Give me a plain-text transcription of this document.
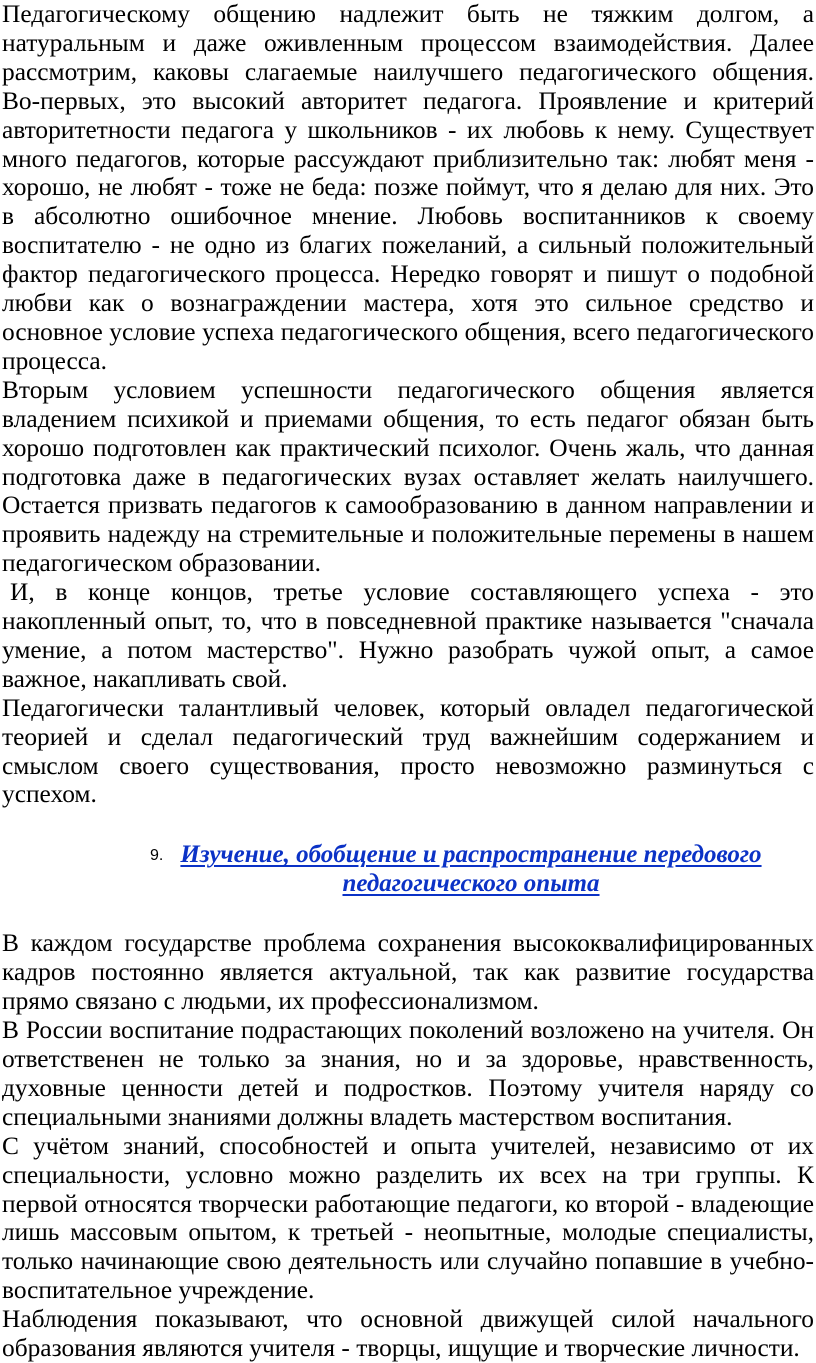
Педагогическому общению надлежит быть не тяжким долгом, а натуральным и даже оживленным процессом взаимодействия. Далее рассмотрим, каковы слагаемые наилучшего педагогического общения.

Во-первых, это высокий авторитет педагога. Проявление и критерий авторитетности педагога у школьников - их любовь к нему. Существует много педагогов, которые рассуждают приблизительно так: любят меня - хорошо, не любят - тоже не беда: позже поймут, что я делаю для них. Это в абсолютно ошибочное мнение. Любовь воспитанников к своему воспитателю - не одно из благих пожеланий, а сильный положительный фактор педагогического процесса. Нередко говорят и пишут о подобной любви как о вознаграждении мастера, хотя это сильное средство и основное условие успеха педагогического общения, всего педагогического процесса.

Вторым условием успешности педагогического общения является владением психикой и приемами общения, то есть педагог обязан быть хорошо подготовлен как практический психолог. Очень жаль, что данная подготовка даже в педагогических вузах оставляет желать наилучшего. Остается призвать педагогов к самообразованию в данном направлении и проявить надежду на стремительные и положительные перемены в нашем педагогическом образовании.

И, в конце концов, третье условие составляющего успеха - это накопленный опыт, то, что в повседневной практике называется "сначала умение, а потом мастерство". Нужно разобрать чужой опыт, а самое важное, накапливать свой.

Педагогически талантливый человек, который овладел педагогической теорией и сделал педагогический труд важнейшим содержанием и смыслом своего существования, просто невозможно разминуться с успехом.

9. Изучение, обобщение и распространение передового педагогического опыта

В каждом государстве проблема сохранения высококвалифицированных кадров постоянно является актуальной, так как развитие государства прямо связано с людьми, их профессионализмом.

В России воспитание подрастающих поколений возложено на учителя. Он ответственен не только за знания, но и за здоровье, нравственность, духовные ценности детей и подростков. Поэтому учителя наряду со специальными знаниями должны владеть мастерством воспитания.

С учётом знаний, способностей и опыта учителей, независимо от их специальности, условно можно разделить их всех на три группы. К первой относятся творчески работающие педагоги, ко второй - владеющие лишь массовым опытом, к третьей - неопытные, молодые специалисты, только начинающие свою деятельность или случайно попавшие в учебно-воспитательное учреждение.

Наблюдения показывают, что основной движущей силой начального образования являются учителя - творцы, ищущие и творческие личности.
